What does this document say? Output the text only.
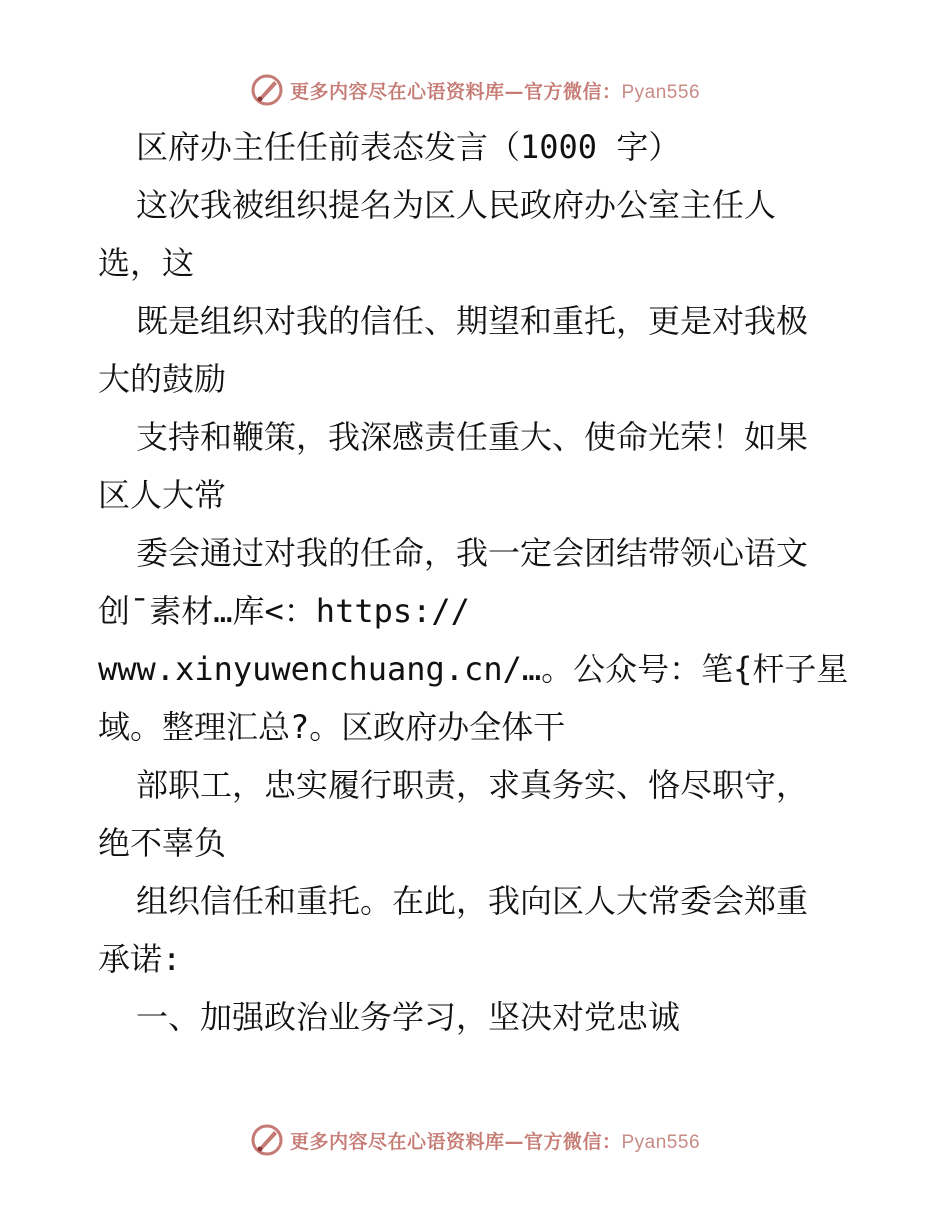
更多内容尽在心语资料库—官方微信：Pyan556
区府办主任任前表态发言（1000 字）
这次我被组织提名为区人民政府办公室主任人
选，这
既是组织对我的信任、期望和重托，更是对我极
大的鼓励
支持和鞭策，我深感责任重大、使命光荣！如果
区人大常
委会通过对我的任命，我一定会团结带领心语文
创¯素材…库<：https://
www.xinyuwenchuang.cn/…。公众号：笔{杆子星
域。整理汇总?。区政府办全体干
部职工，忠实履行职责，求真务实、恪尽职守，
绝不辜负
组织信任和重托。在此，我向区人大常委会郑重
承诺:
一、加强政治业务学习，坚决对党忠诚
更多内容尽在心语资料库—官方微信：Pyan556
